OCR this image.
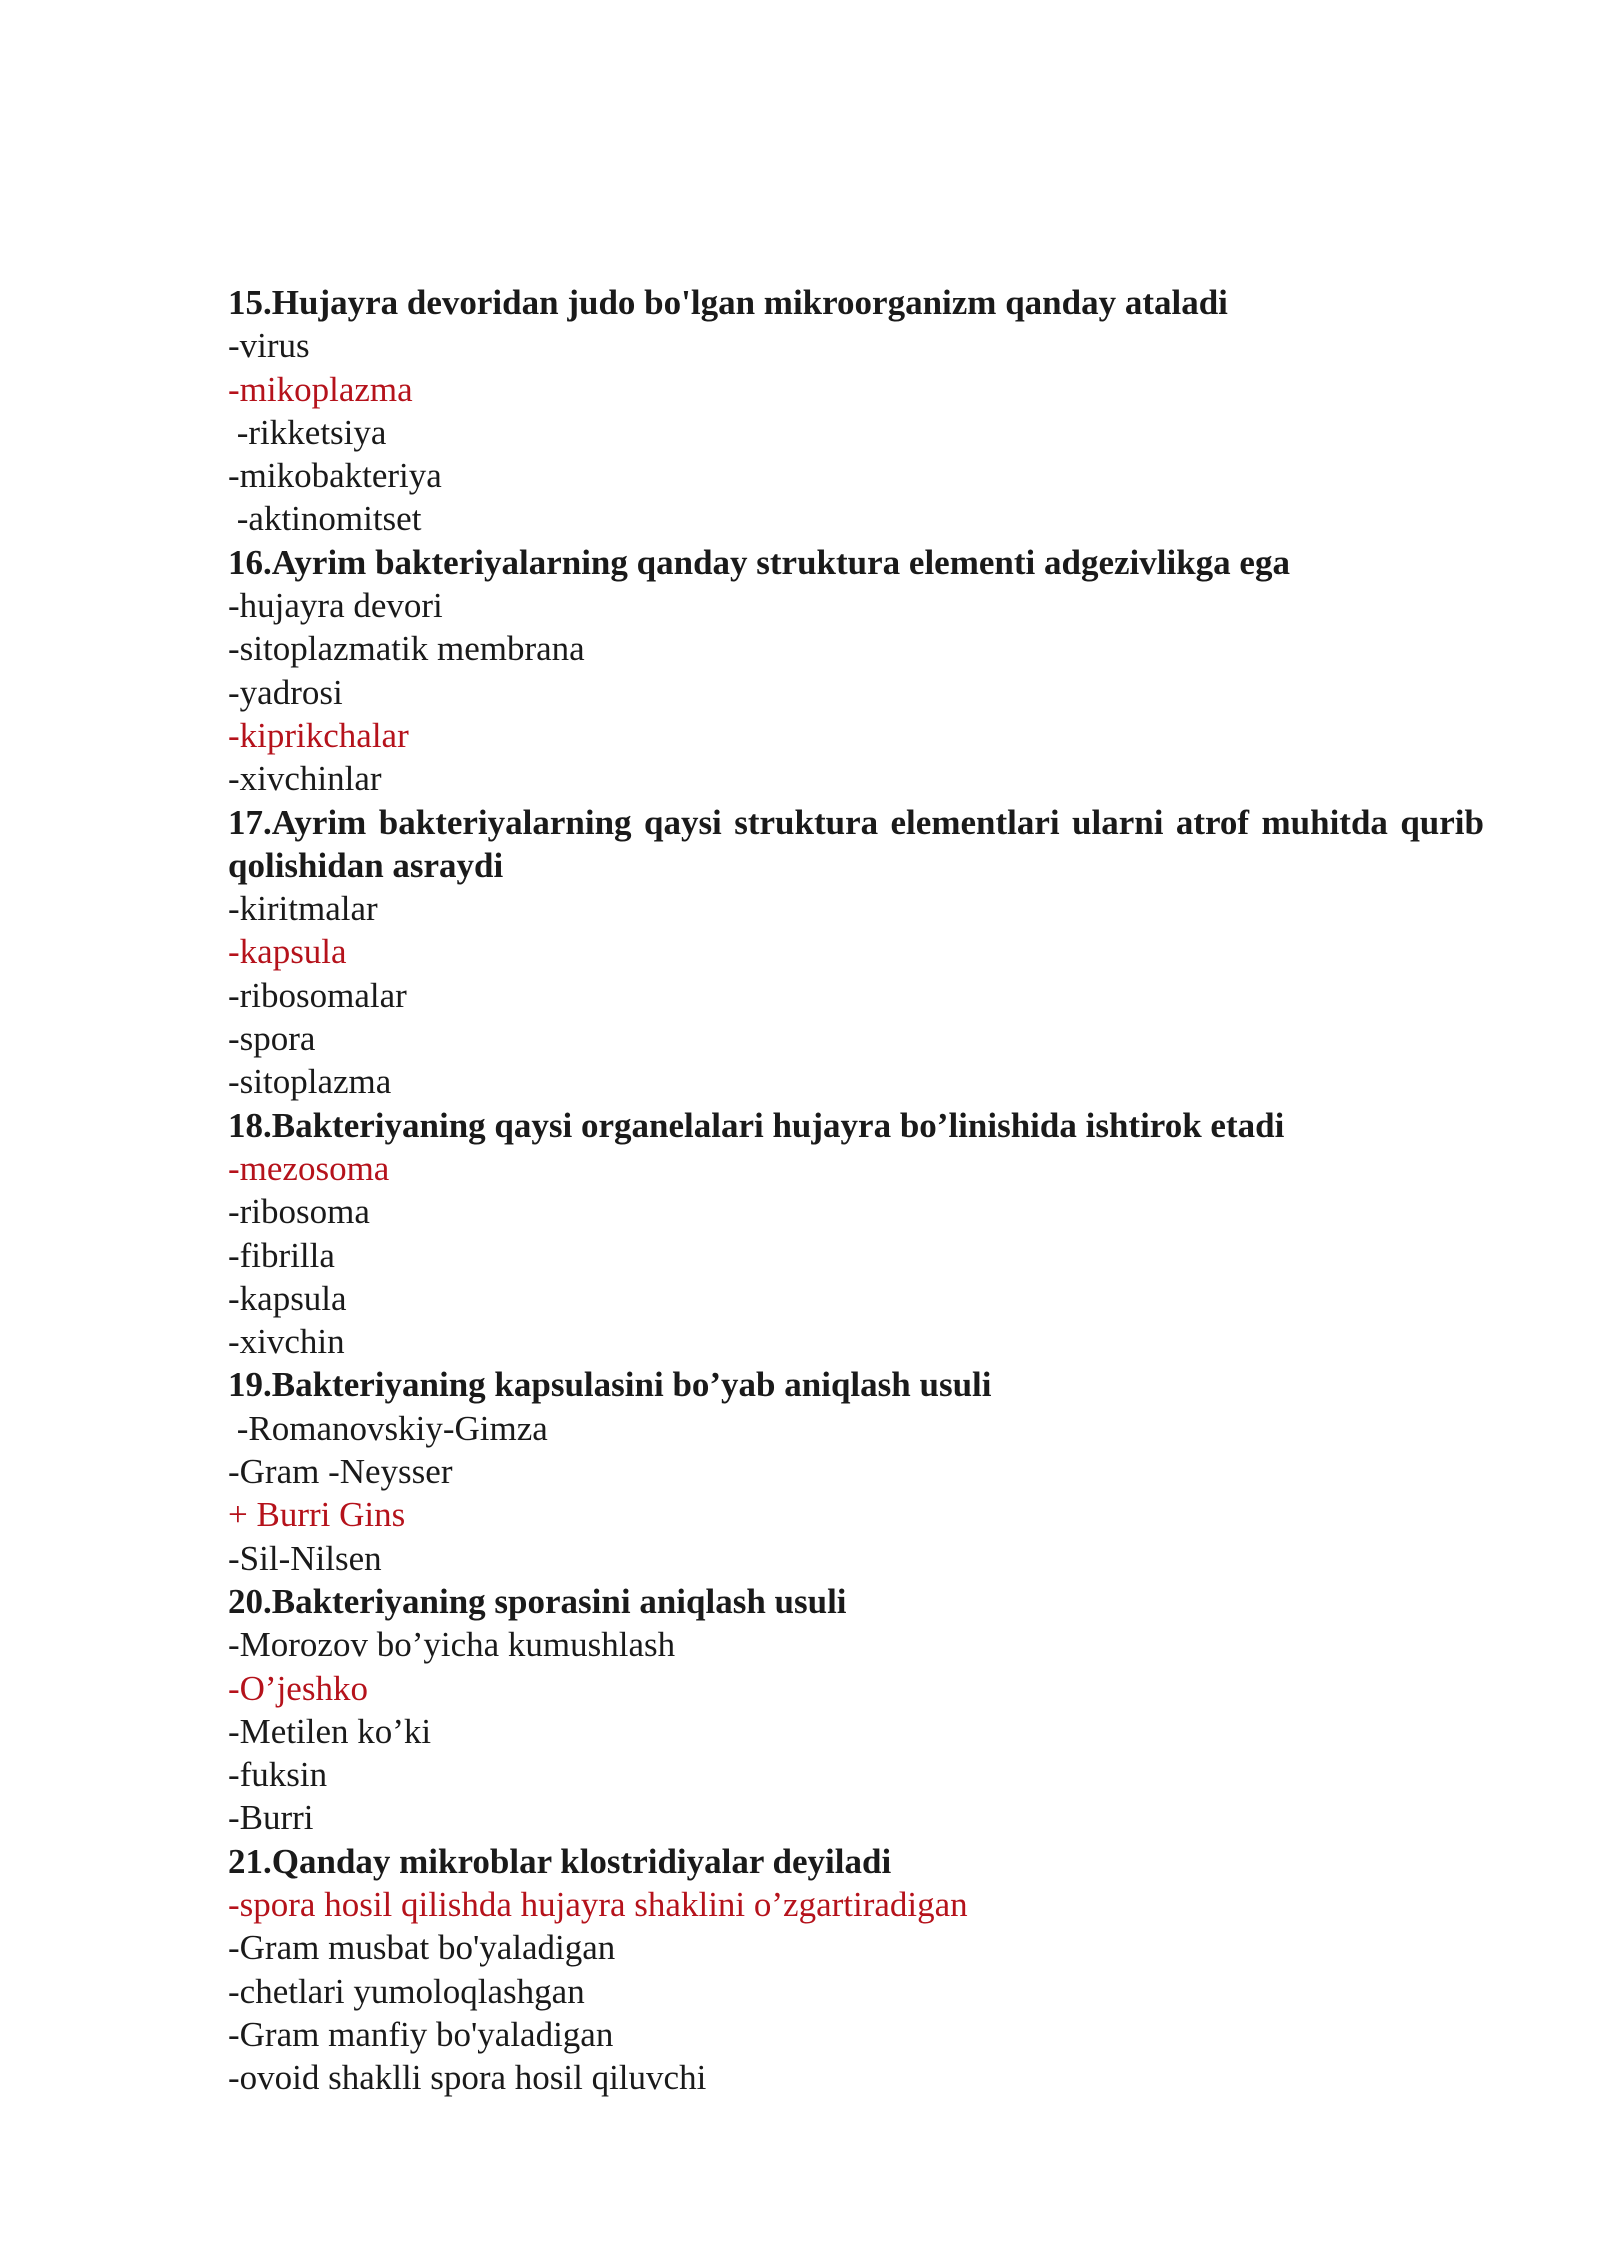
15.Hujayra devoridan judo bo'lgan mikroorganizm qanday ataladi

-virus

-mikoplazma

-rikketsiya

-mikobakteriya

-aktinomitset

16.Ayrim bakteriyalarning qanday struktura elementi adgezivlikga ega

-hujayra devori

-sitoplazmatik membrana

-yadrosi

-kiprikchalar

-xivchinlar

17.Ayrim bakteriyalarning qaysi struktura elementlari ularni atrof muhitda qurib qolishidan asraydi

-kiritmalar

-kapsula

-ribosomalar

-spora

-sitoplazma

18.Bakteriyaning qaysi organelalari hujayra bo’linishida ishtirok etadi

-mezosoma

-ribosoma

-fibrilla

-kapsula

-xivchin

19.Bakteriyaning kapsulasini bo’yab aniqlash usuli

-Romanovskiy-Gimza

-Gram -Neysser

+ Burri Gins

-Sil-Nilsen

20.Bakteriyaning sporasini aniqlash usuli

-Morozov bo’yicha kumushlash

-O’jeshko

-Metilen ko’ki

-fuksin

-Burri

21.Qanday mikroblar klostridiyalar deyiladi

-spora hosil qilishda hujayra shaklini o’zgartiradigan

-Gram musbat bo'yaladigan

-chetlari yumoloqlashgan

-Gram manfiy bo'yaladigan

-ovoid shaklli spora hosil qiluvchi
